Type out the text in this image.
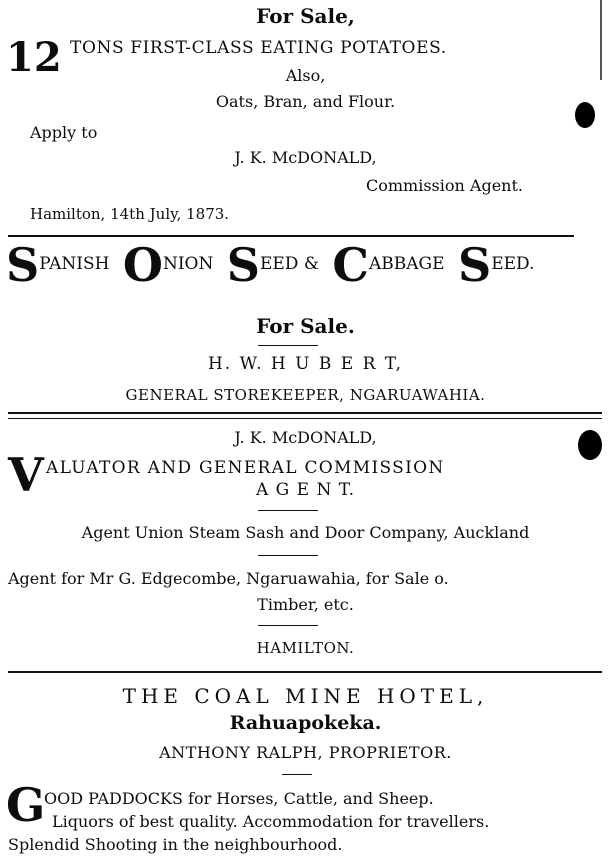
For Sale,
12 TONS FIRST-CLASS EATING POTATOES.
Also,
Oats, Bran, and Flour.
Apply to
J. K. McDONALD,
Commission Agent.
Hamilton, 14th July, 1873.
SPANISH ONION SEED & CABBAGE SEED.
For Sale.
H. W. H U B E R T,
GENERAL STOREKEEPER, NGARUAWAHIA.
J. K. McDONALD,
V ALUATOR AND GENERAL COMMISSION
A G E N T.
Agent Union Steam Sash and Door Company, Auckland
Agent for Mr G. Edgecombe, Ngaruawahia, for Sale o.
Timber, etc.
HAMILTON.
THE COAL MINE HOTEL,
Rahuapokeka.
ANTHONY RALPH, PROPRIETOR.
G
OOD PADDOCKS for Horses, Cattle, and Sheep.
Liquors of best quality. Accommodation for travellers.
Splendid Shooting in the neighbourhood.
